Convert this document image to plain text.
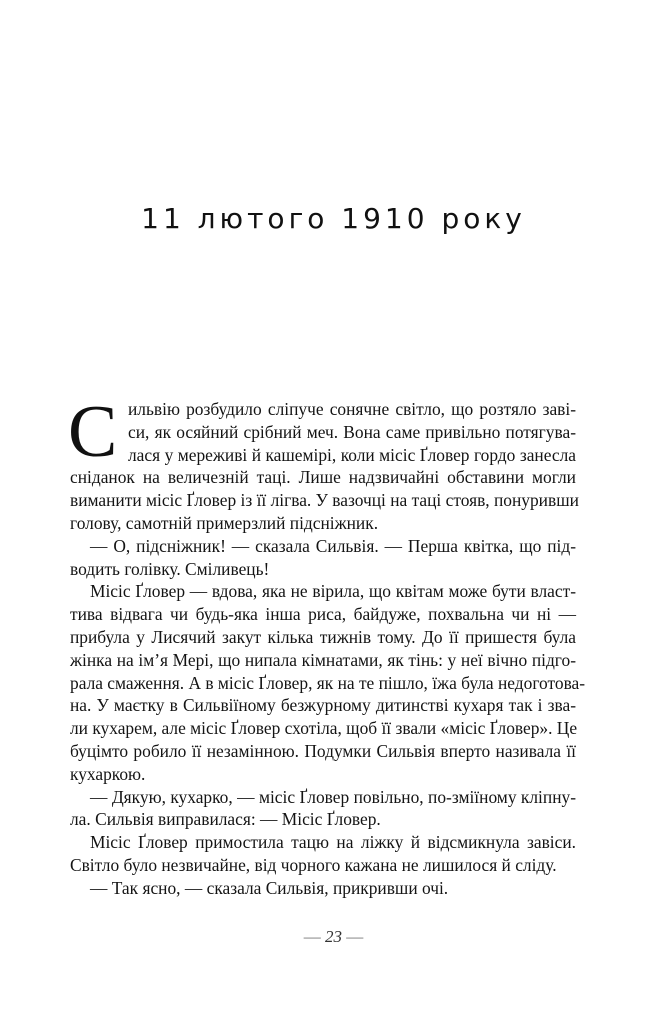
11 лютого 1910 року
С ильвію розбудило сліпуче сонячне світло, що розтяло заві-
си, як осяйний срібний меч. Вона саме привільно потягува-
лася у мереживі й кашемірі, коли місіс Ґловер гордо занесла
сніданок на величезній таці. Лише надзвичайні обставини могли
виманити місіс Ґловер із її лігва. У вазочці на таці стояв, понуривши
голову, самотній примерзлий підсніжник.
— О, підсніжник! — сказала Сильвія. — Перша квітка, що під-
водить голівку. Сміливець!
Місіс Ґловер — вдова, яка не вірила, що квітам може бути власт-
тива відвага чи будь-яка інша риса, байдуже, похвальна чи ні —
прибула у Лисячий закут кілька тижнів тому. До її пришестя була
жінка на ім’я Мері, що нипала кімнатами, як тінь: у неї вічно підго-
рала смаження. А в місіс Ґловер, як на те пішло, їжа була недоготова-
на. У маєтку в Сильвіїному безжурному дитинстві кухаря так і зва-
ли кухарем, але місіс Ґловер схотіла, щоб її звали «місіс Ґловер». Це
буцімто робило її незамінною. Подумки Сильвія вперто називала її
кухаркою.
— Дякую, кухарко, — місіс Ґловер повільно, по-зміїному кліпну-
ла. Сильвія виправилася: — Місіс Ґловер.
Місіс Ґловер примостила тацю на ліжку й відсмикнула завіси.
Світло було незвичайне, від чорного кажана не лишилося й сліду.
— Так ясно, — сказала Сильвія, прикривши очі.
— 23 —
